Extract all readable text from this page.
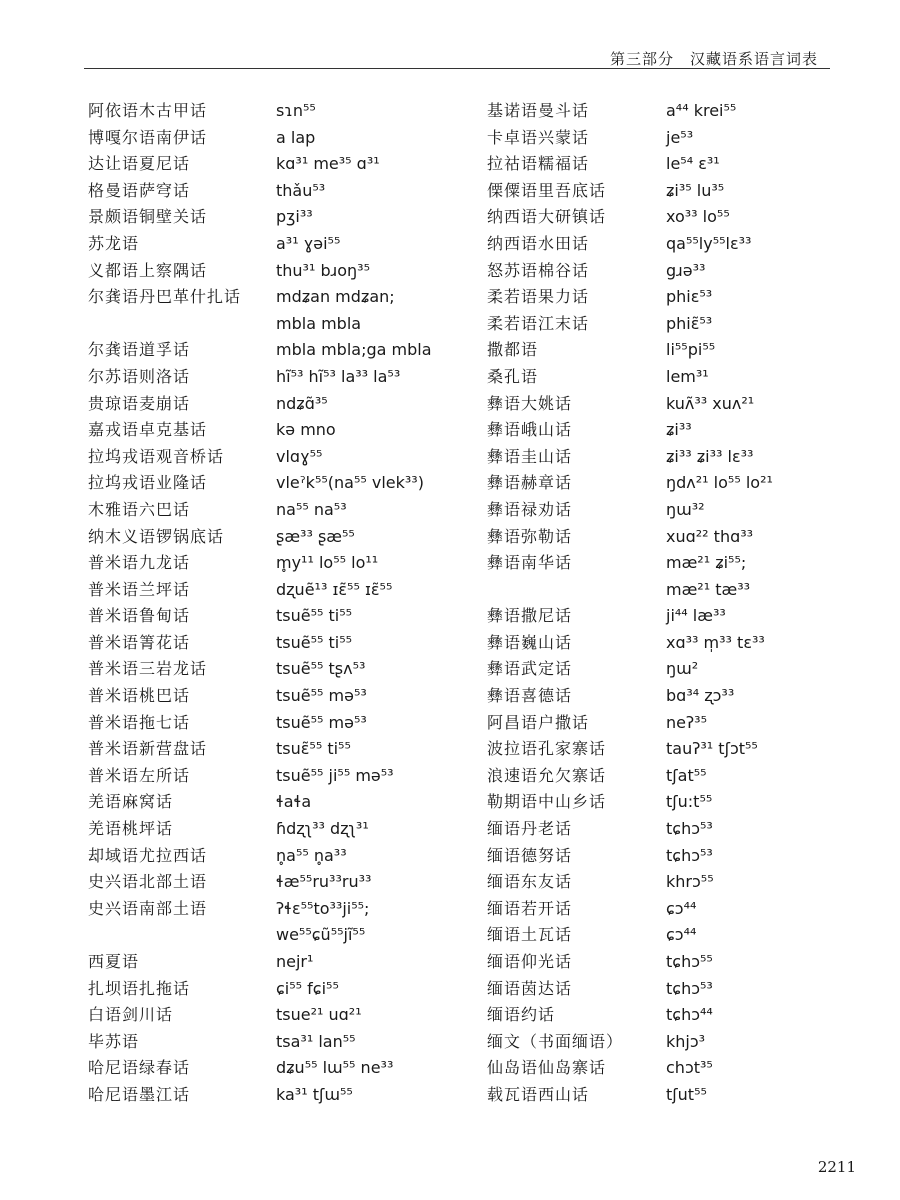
第三部分　汉藏语系语言词表
阿依语木古甲话	sɿn⁵⁵
博嘎尔语南伊话	a lap
达让语夏尼话	kɑ³¹ me³⁵ ɑ³¹
格曼语萨穹话	thǎu⁵³
景颇语铜壁关话	pʒi³³
苏龙语	a³¹ ɣəi⁵⁵
义都语上察隅话	thu³¹ bɹoŋ³⁵
尔龚语丹巴革什扎话	mdʑan mdʑan;
mbla mbla
尔龚语道孚话	mbla mbla;ga mbla
尔苏语则洛话	hĩ⁵³ hĩ⁵³ la³³ la⁵³
贵琼语麦崩话	ndʑɑ̃³⁵
嘉戎语卓克基话	kə mno
拉坞戎语观音桥话	vlɑɣ⁵⁵
拉坞戎语业隆话	vleˀk⁵⁵(na⁵⁵ vlek³³)
木雅语六巴话	na⁵⁵ na⁵³
纳木义语锣锅底话	ʂæ³³ ʂæ⁵⁵
普米语九龙话	m̥y¹¹ lo⁵⁵ lo¹¹
普米语兰坪话	dʐuẽ¹³ ɪɛ̃⁵⁵ ɪɛ̃⁵⁵
普米语鲁甸话	tsuẽ⁵⁵ ti⁵⁵
普米语箐花话	tsuẽ⁵⁵ ti⁵⁵
普米语三岩龙话	tsuẽ⁵⁵ tʂʌ⁵³
普米语桃巴话	tsuẽ⁵⁵ mə⁵³
普米语拖七话	tsuẽ⁵⁵ mə⁵³
普米语新营盘话	tsuɛ̃⁵⁵ ti⁵⁵
普米语左所话	tsuẽ⁵⁵ ji⁵⁵ mə⁵³
羌语麻窝话	ɬaɬa
羌语桃坪话	ɦdʐʅ³³ dʐʅ³¹
却域语尤拉西话	n̥a⁵⁵ n̥a³³
史兴语北部土语	ɬæ⁵⁵ru³³ru³³
史兴语南部土语	ʔɬɛ⁵⁵to³³ji⁵⁵;
we⁵⁵ɕũ⁵⁵jĩ⁵⁵
西夏语	nejr¹
扎坝语扎拖话	ɕi⁵⁵ fɕi⁵⁵
白语剑川话	tsue²¹ uɑ²¹
毕苏语	tsa³¹ lan⁵⁵
哈尼语绿春话	dʑu⁵⁵ lɯ⁵⁵ ne³³
哈尼语墨江话	ka³¹ tʃɯ⁵⁵
基诺语曼斗话	a⁴⁴ krei⁵⁵
卡卓语兴蒙话	je⁵³
拉祜语糯福话	le⁵⁴ ɛ³¹
傈僳语里吾底话	ʑi³⁵ lu³⁵
纳西语大研镇话	xo³³ lo⁵⁵
纳西语水田话	qa⁵⁵ly⁵⁵lɛ³³
怒苏语棉谷话	gɹə³³
柔若语果力话	phiɛ⁵³
柔若语江末话	phiɛ̃⁵³
撒都语	li⁵⁵pi⁵⁵
桑孔语	lem³¹
彝语大姚话	kuʌ̃³³ xuʌ²¹
彝语峨山话	ʑi³³
彝语圭山话	ʑi³³ ʑi³³ lɛ³³
彝语赫章话	ŋdʌ²¹ lo⁵⁵ lo²¹
彝语禄劝话	ŋɯ³²
彝语弥勒话	xuɑ²² thɑ³³
彝语南华话	mæ²¹ ʑi⁵⁵;
mæ²¹ tæ³³
彝语撒尼话	ji⁴⁴ læ³³
彝语巍山话	xɑ³³ m̩³³ tɛ³³
彝语武定话	ŋɯ²
彝语喜德话	bɑ³⁴ ʐɔ³³
阿昌语户撒话	neʔ³⁵
波拉语孔家寨话	tauʔ³¹ tʃɔt⁵⁵
浪速语允欠寨话	tʃat⁵⁵
勒期语中山乡话	tʃu:t⁵⁵
缅语丹老话	tɕhɔ⁵³
缅语德努话	tɕhɔ⁵³
缅语东友话	khrɔ⁵⁵
缅语若开话	ɕɔ⁴⁴
缅语土瓦话	ɕɔ⁴⁴
缅语仰光话	tɕhɔ⁵⁵
缅语茵达话	tɕhɔ⁵³
缅语约话	tɕhɔ⁴⁴
缅文（书面缅语）	khjɔ³
仙岛语仙岛寨话	chɔt³⁵
载瓦语西山话	tʃut⁵⁵
2211
